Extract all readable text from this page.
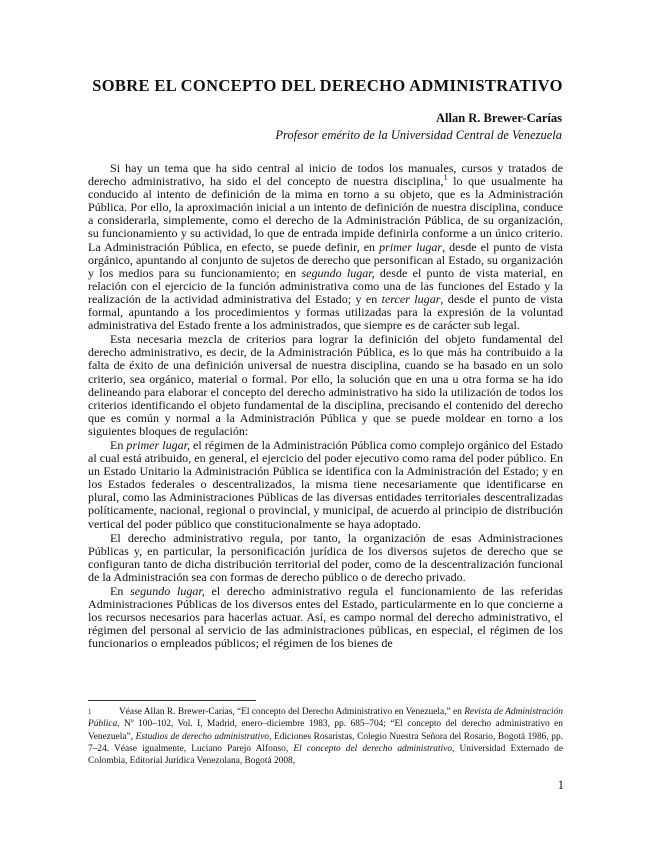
SOBRE EL CONCEPTO DEL DERECHO ADMINISTRATIVO
Allan R. Brewer-Carías
Profesor emérito de la Universidad Central de Venezuela

Si hay un tema que ha sido central al inicio de todos los manuales, cursos y tratados de derecho administrativo, ha sido el del concepto de nuestra disciplina,$^1$ lo que usualmente ha conducido al intento de definición de la mima en torno a su objeto, que es la Administración Pública. Por ello, la aproximación inicial a un intento de definición de nuestra disciplina, conduce a considerarla, simplemente, como el derecho de la Administración Pública, de su organización, su funcionamiento y su actividad, lo que de entrada impide definirla conforme a un único criterio. La Administración Pública, en efecto, se puede definir, en primer lugar, desde el punto de vista orgánico, apuntando al conjunto de sujetos de derecho que personifican al Estado, su organización y los medios para su funcionamiento; en segundo lugar, desde el punto de vista material, en relación con el ejercicio de la función administrativa como una de las funciones del Estado y la realización de la actividad administrativa del Estado; y en tercer lugar, desde el punto de vista formal, apuntando a los procedimientos y formas utilizadas para la expresión de la voluntad administrativa del Estado frente a los administrados, que siempre es de carácter sub legal.

Esta necesaria mezcla de criterios para lograr la definición del objeto fundamental del derecho administrativo, es decir, de la Administración Pública, es lo que más ha contribuido a la falta de éxito de una definición universal de nuestra disciplina, cuando se ha basado en un solo criterio, sea orgánico, material o formal. Por ello, la solución que en una u otra forma se ha ido delineando para elaborar el concepto del derecho administrativo ha sido la utilización de todos los criterios identificando el objeto fundamental de la disciplina, precisando el contenido del derecho que es común y normal a la Administración Pública y que se puede moldear en torno a los siguientes bloques de regulación:

En primer lugar, el régimen de la Administración Pública como complejo orgánico del Estado al cual está atribuido, en general, el ejercicio del poder ejecutivo como rama del poder público. En un Estado Unitario la Administración Pública se identifica con la Administración del Estado; y en los Estados federales o descentralizados, la misma tiene necesariamente que identificarse en plural, como las Administraciones Públicas de las diversas entidades territoriales descentralizadas políticamente, nacional, regional o provincial, y municipal, de acuerdo al principio de distribución vertical del poder público que constitucionalmente se haya adoptado.

El derecho administrativo regula, por tanto, la organización de esas Administraciones Públicas y, en particular, la personificación jurídica de los diversos sujetos de derecho que se configuran tanto de dicha distribución territorial del poder, como de la descentralización funcional de la Administración sea con formas de derecho público o de derecho privado.

En segundo lugar, el derecho administrativo regula el funcionamiento de las referidas Administraciones Públicas de los diversos entes del Estado, particularmente en lo que concierne a los recursos necesarios para hacerlas actuar. Así, es campo normal del derecho administrativo, el régimen del personal al servicio de las administraciones públicas, en especial, el régimen de los funcionarios o empleados públicos; el régimen de los bienes de

1	Véase Allan R. Brewer-Carías, “El concepto del Derecho Administrativo en Venezuela,” en Revista de Administración Pública, Nº 100–102, Vol. I, Madrid, enero–diciembre 1983, pp. 685–704; “El concepto del derecho administrativo en Venezuela”, Estudios de derecho administrativo, Ediciones Rosaristas, Colegio Nuestra Señora del Rosario, Bogotá 1986, pp. 7–24. Véase igualmente, Luciano Parejo Alfonso, El concepto del derecho administrativo, Universidad Externado de Colombia, Editorial Jurídica Venezolana, Bogotá 2008,
1
